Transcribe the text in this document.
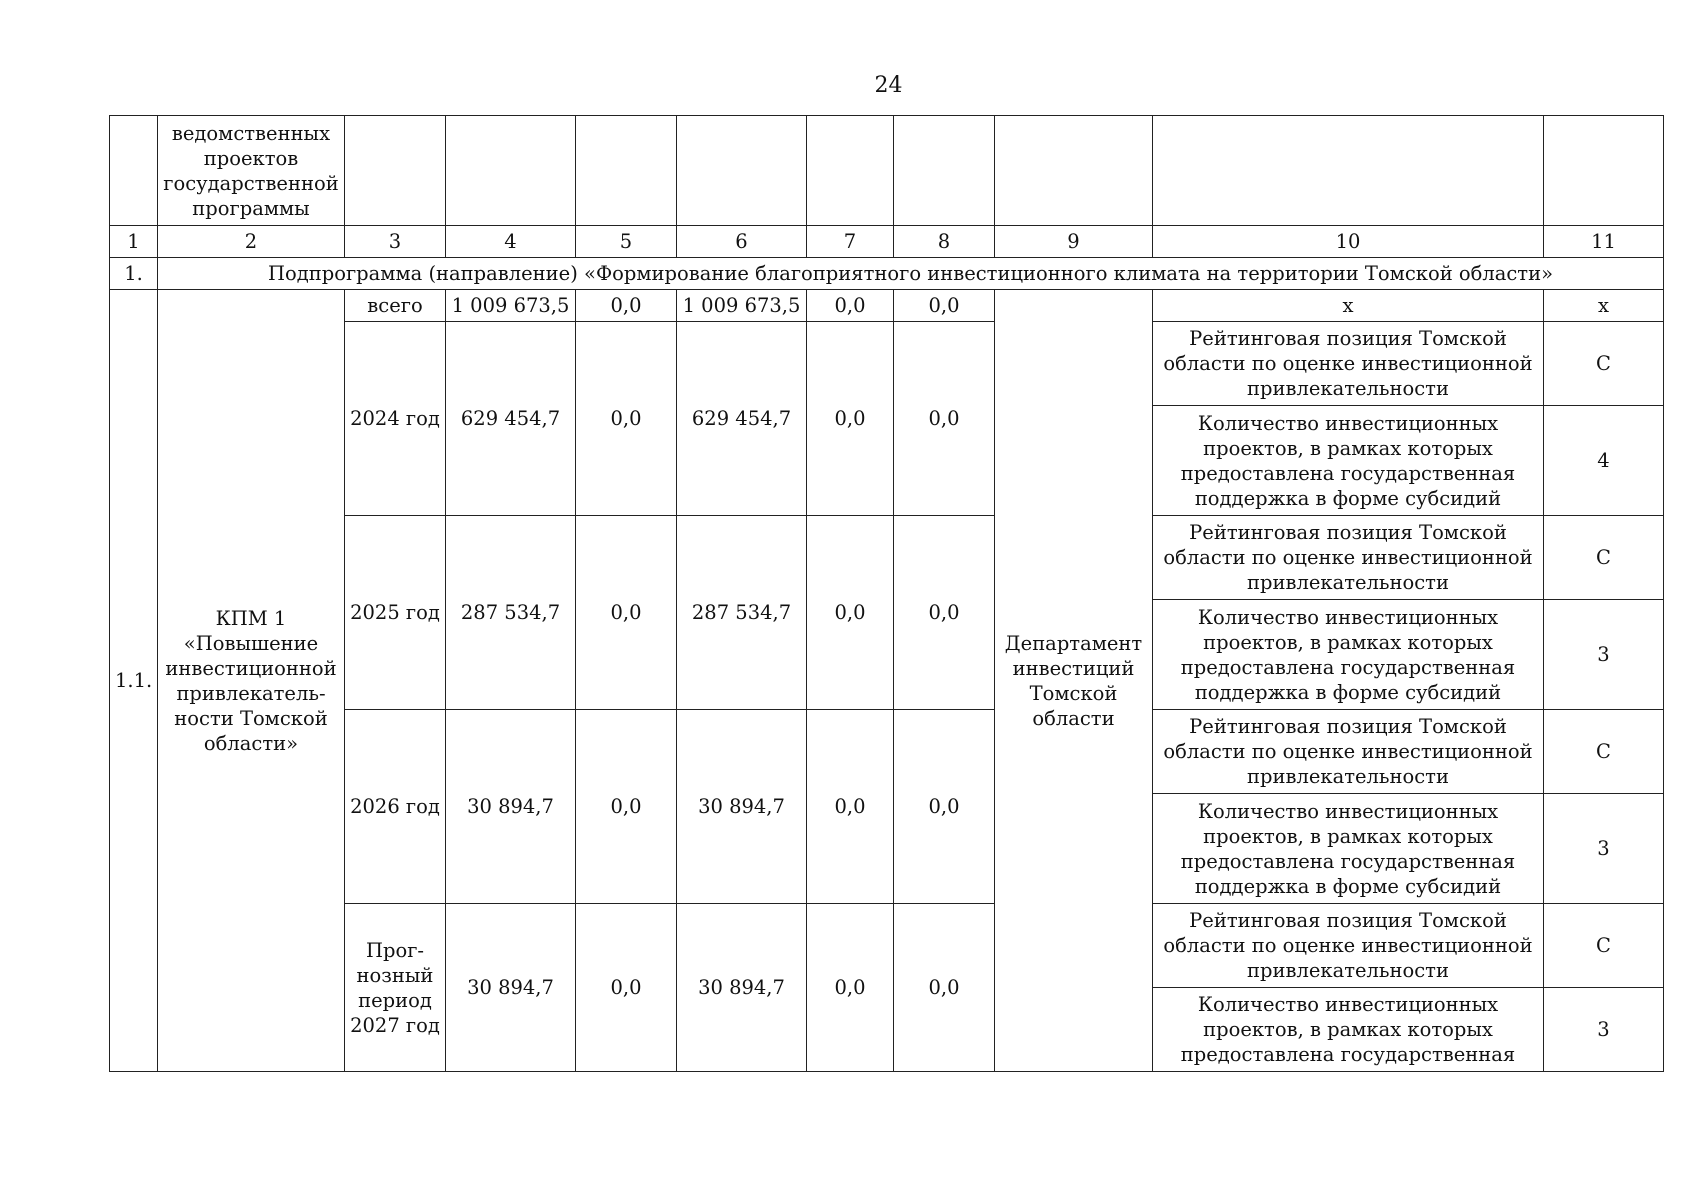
24
	ведомственных проектов государственной программы									
1	2	3	4	5	6	7	8	9	10	11
1.	Подпрограмма (направление) «Формирование благоприятного инвестиционного климата на территории Томской области»									
1.1.	КПМ 1 «Повышение инвестиционной привлекатель-ности Томской области»	всего	1 009 673,5	0,0	1 009 673,5	0,0	0,0	Департамент инвестиций Томской области	x	x
		2024 год	629 454,7	0,0	629 454,7	0,0	0,0		Рейтинговая позиция Томской области по оценке инвестиционной привлекательности	С
									Количество инвестиционных проектов, в рамках которых предоставлена государственная поддержка в форме субсидий	4
		2025 год	287 534,7	0,0	287 534,7	0,0	0,0		Рейтинговая позиция Томской области по оценке инвестиционной привлекательности	С
									Количество инвестиционных проектов, в рамках которых предоставлена государственная поддержка в форме субсидий	3
		2026 год	30 894,7	0,0	30 894,7	0,0	0,0		Рейтинговая позиция Томской области по оценке инвестиционной привлекательности	С
									Количество инвестиционных проектов, в рамках которых предоставлена государственная поддержка в форме субсидий	3
		Прог-нозный период 2027 год	30 894,7	0,0	30 894,7	0,0	0,0		Рейтинговая позиция Томской области по оценке инвестиционной привлекательности	С
									Количество инвестиционных проектов, в рамках которых предоставлена государственная	3
